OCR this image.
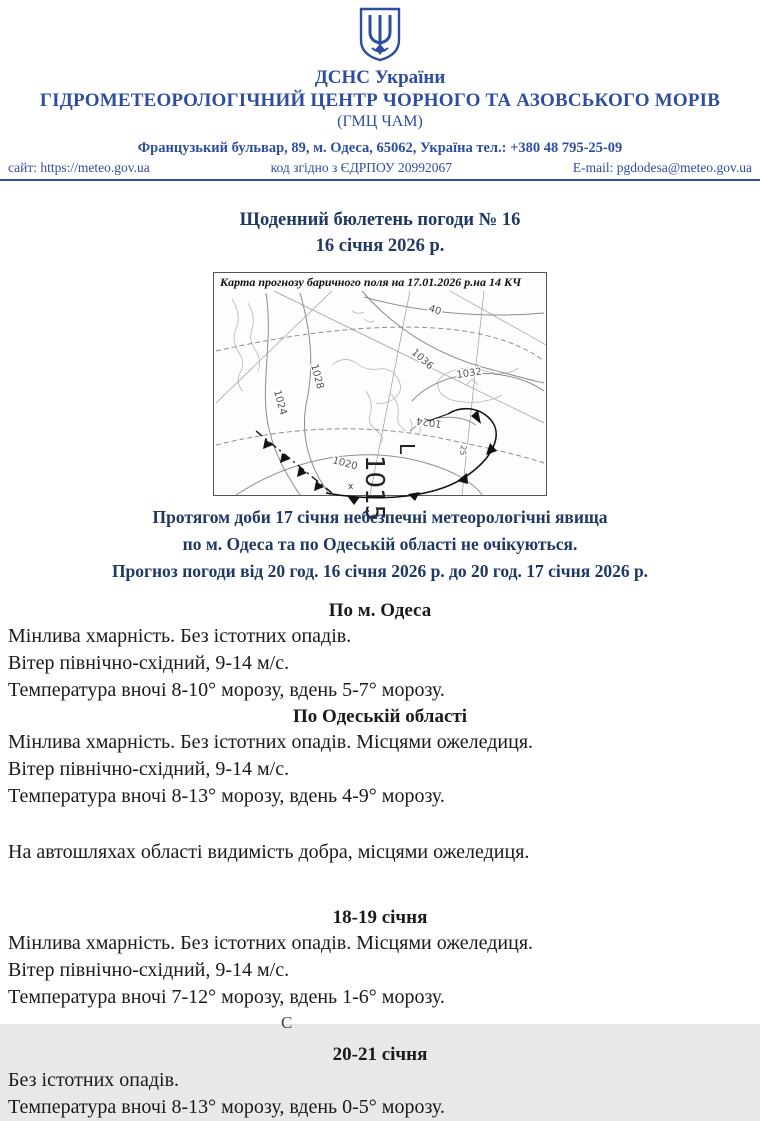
ДСНС України
ГІДРОМЕТЕОРОЛОГІЧНИЙ ЦЕНТР ЧОРНОГО ТА АЗОВСЬКОГО МОРІВ
(ГМЦ ЧАМ)
Французький бульвар, 89, м. Одеса, 65062, Україна тел.: +380 48 795-25-09
сайт: https://meteo.gov.ua	код згідно з ЄДРПОУ 20992067	E-mail: pgdodesa@meteo.gov.ua
Щоденний бюлетень погоди № 16
16 січня 2026 р.
1028
1024
1020
40
1036
1032
1024
25
1015
L
х
Карта прогнозу баричного поля на 17.01.2026 р.на 14 КЧ
Протягом доби 17 січня небезпечні метеорологічні явища
по м. Одеса та по Одеській області не очікуються.
Прогноз погоди від 20 год. 16 січня 2026 р. до 20 год. 17 січня 2026 р.
По м. Одеса
Мінлива хмарність. Без істотних опадів.
Вітер північно-східний, 9-14 м/с.
Температура вночі 8-10° морозу, вдень 5-7° морозу.
По Одеській області
Мінлива хмарність. Без істотних опадів. Місцями ожеледиця.
Вітер північно-східний, 9-14 м/с.
Температура вночі 8-13° морозу, вдень 4-9° морозу.
На автошляхах області видимість добра, місцями ожеледиця.
18-19 січня
Мінлива хмарність. Без істотних опадів. Місцями ожеледиця.
Вітер північно-східний, 9-14 м/с.
Температура вночі 7-12° морозу, вдень 1-6° морозу.
20-21 січня
Без істотних опадів.
Температура вночі 8-13° морозу, вдень 0-5° морозу.
С
